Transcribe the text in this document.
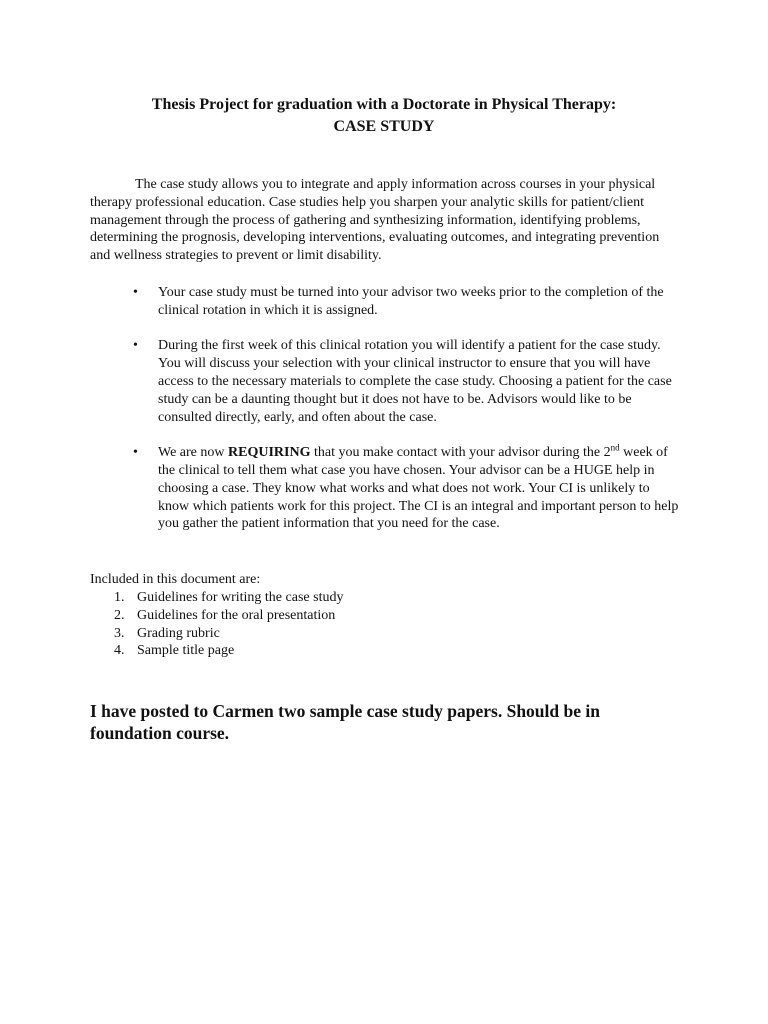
Thesis Project for graduation with a Doctorate in Physical Therapy:
CASE STUDY

The case study allows you to integrate and apply information across courses in your physical therapy professional education. Case studies help you sharpen your analytic skills for patient/client management through the process of gathering and synthesizing information, identifying problems, determining the prognosis, developing interventions, evaluating outcomes, and integrating prevention and wellness strategies to prevent or limit disability.

• Your case study must be turned into your advisor two weeks prior to the completion of the clinical rotation in which it is assigned.
• During the first week of this clinical rotation you will identify a patient for the case study. You will discuss your selection with your clinical instructor to ensure that you will have access to the necessary materials to complete the case study. Choosing a patient for the case study can be a daunting thought but it does not have to be. Advisors would like to be consulted directly, early, and often about the case.
• We are now REQUIRING that you make contact with your advisor during the 2nd week of the clinical to tell them what case you have chosen. Your advisor can be a HUGE help in choosing a case. They know what works and what does not work. Your CI is unlikely to know which patients work for this project. The CI is an integral and important person to help you gather the patient information that you need for the case.
Included in this document are:
1. Guidelines for writing the case study
2. Guidelines for the oral presentation
3. Grading rubric
4. Sample title page
I have posted to Carmen two sample case study papers. Should be in foundation course.
